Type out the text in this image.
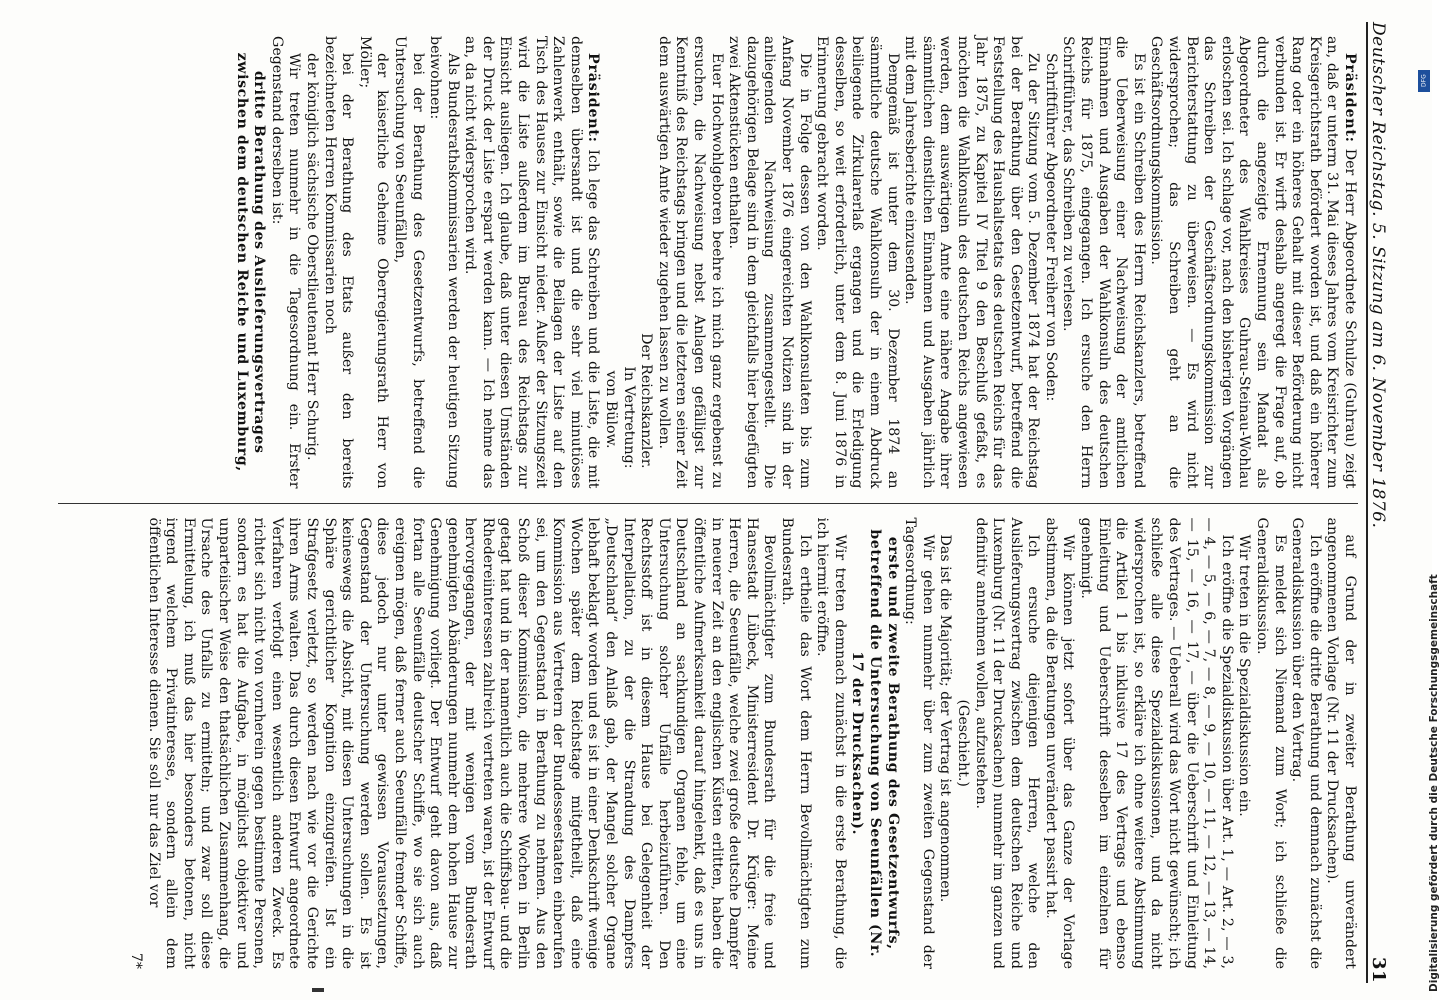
Deutscher Reichstag. 5. Sitzung am 6. November 1876.
31

Präsident: Der Herr Abgeordnete Schulze (Guhrau) zeigt an, daß er unterm 31. Mai dieses Jahres vom Kreisrichter zum Kreisgerichtsrath befördert worden ist, und daß ein höherer Rang oder ein höheres Gehalt mit dieser Beförderung nicht verbunden ist. Er wirft deshalb angeregt die Frage auf, ob durch die angezeigte Ernennung sein Mandat als Abgeordneter des Wahlkreises Guhrau-Steinau-Wohlau erloschen sei. Ich schlage vor, nach den bisherigen Vorgängen das Schreiben der Geschäftsordnungskommission zur Berichterstattung zu überweisen. — Es wird nicht widersprochen; das Schreiben geht an die Geschäftsordnungskommission.

Es ist ein Schreiben des Herrn Reichskanzlers, betreffend die Ueberweisung einer Nachweisung der amtlichen Einnahmen und Ausgaben der Wahlkonsuln des deutschen Reichs für 1875, eingegangen. Ich ersuche den Herrn Schriftführer, das Schreiben zu verlesen.

Schriftführer Abgeordneter Freiherr von Soden:

Zu der Sitzung vom 5. Dezember 1874 hat der Reichstag bei der Berathung über den Gesetzentwurf, betreffend die Feststellung des Haushaltsetats des deutschen Reichs für das Jahr 1875, zu Kapitel IV Titel 9 den Beschluß gefaßt, es möchten die Wahlkonsuln des deutschen Reichs angewiesen werden, dem auswärtigen Amte eine nähere Angabe ihrer sämmtlichen dienstlichen Einnahmen und Ausgaben jährlich mit dem Jahresberichte einzusenden.

Demgemäß ist unter dem 30. Dezember 1874 an sämmtliche deutsche Wahlkonsuln der in einem Abdruck beiliegende Zirkularerlaß ergangen und die Erledigung desselben, so weit erforderlich, unter dem 8. Juni 1876 in Erinnerung gebracht worden.

Die in Folge dessen von den Wahlkonsulaten bis zum Anfang November 1876 eingereichten Notizen sind in der anliegenden Nachweisung zusammengestellt. Die dazugehörigen Belage sind in dem gleichfalls hier beigefügten zwei Aktenstücken enthalten.

Euer Hochwohlgeboren beehre ich mich ganz ergebenst zu ersuchen, die Nachweisung nebst Anlagen gefälligst zur Kenntniß des Reichstags bringen und die letzteren seiner Zeit dem auswärtigen Amte wieder zugehen lassen zu wollen.

Der Reichskanzler.

In Vertretung:

von Bülow.

Präsident: Ich lege das Schreiben und die Liste, die mit demselben übersandt ist und die sehr viel minutiöses Zahlenwerk enthält, sowie die Beilagen der Liste auf den Tisch des Hauses zur Einsicht nieder. Außer der Sitzungszeit wird die Liste außerdem im Bureau des Reichstags zur Einsicht ausliegen. Ich glaube, daß unter diesen Umständen der Druck der Liste erspart werden kann. — Ich nehme das an, da nicht widersprochen wird.

Als Bundesrathskommissarien werden der heutigen Sitzung beiwohnen:

bei der Berathung des Gesetzentwurfs, betreffend die Untersuchung von Seeunfällen,

der kaiserliche Geheime Oberregierungsrath Herr von Möller;

bei der Berathung des Etats außer den bereits bezeichneten Herren Kommissarien noch

der königlich sächsische Oberstlieutenant Herr Schurig.

Wir treten nunmehr in die Tagesordnung ein. Erster Gegenstand derselben ist:

dritte Berathung des Auslieferungsvertrages zwischen dem deutschen Reiche und Luxemburg,

auf Grund der in zweiter Berathung unverändert angenommenen Vorlage (Nr. 11 der Drucksachen).

Ich eröffne die dritte Berathung und demnach zunächst die Generaldiskussion über den Vertrag.

Es meldet sich Niemand zum Wort; ich schließe die Generaldiskussion.

Wir treten in die Spezialdiskussion ein.

Ich eröffne die Spezialdiskussion über Art. 1, — Art. 2, — 3, — 4, — 5, — 6, — 7, — 8, — 9, — 10, — 11, — 12, — 13, — 14, — 15, — 16, — 17, — über die Ueberschrift und Einleitung des Vertrages. — Ueberall wird das Wort nicht gewünscht; ich schließe alle diese Spezialdiskussionen, und da nicht widersprochen ist, so erkläre ich ohne weitere Abstimmung die Artikel 1 bis inklusive 17 des Vertrags und ebenso Einleitung und Ueberschrift desselben im einzelnen für genehmigt.

Wir können jetzt sofort über das Ganze der Vorlage abstimmen, da die Beratungen unverändert passirt hat.

Ich ersuche diejenigen Herren, welche den Auslieferungsvertrag zwischen dem deutschen Reiche und Luxemburg (Nr. 11 der Drucksachen) nunmehr im ganzen und definitiv annehmen wollen, aufzustehen.

(Geschieht.)

Das ist die Majorität; der Vertrag ist angenommen.

Wir gehen nunmehr über zum zweiten Gegenstand der Tagesordnung:

erste und zweite Berathung des Gesetzentwurfs, betreffend die Untersuchung von Seeunfällen (Nr. 17 der Drucksachen).

Wir treten demnach zunächst in die erste Berathung, die ich hiermit eröffne.

Ich ertheile das Wort dem Herrn Bevollmächtigten zum Bundesrath.

Bevollmächtigter zum Bundesrath für die freie und Hansestadt Lübeck, Ministerresident Dr. Krüger: Meine Herren, die Seeunfälle, welche zwei große deutsche Dampfer in neuerer Zeit an den englischen Küsten erlitten, haben die öffentliche Aufmerksamkeit darauf hingelenkt, daß es uns in Deutschland an sachkundigen Organen fehle, um eine Untersuchung solcher Unfälle herbeizuführen. Den Rechtsstoff ist in diesem Hause bei Gelegenheit der Interpellation, zu der die Strandung des Dampfers „Deutschland“ den Anlaß gab, der Mangel solcher Organe lebhaft beklagt worden und es ist in einer Denkschrift wenige Wochen später dem Reichstage mitgetheilt, daß eine Kommission aus Vertretern der Bundesseestaaten einberufen sei, um den Gegenstand in Berathung zu nehmen. Aus den Schoß dieser Kommission, die mehrere Wochen in Berlin getagt hat und in der namentlich auch die Schiffsbau- und die Rhedereiinteressen zahlreich vertreten waren, ist der Entwurf hervorgegangen, der mit wenigen vom Bundesrath genehmigten Abänderungen nunmehr dem hohen Hause zur Genehmigung vorliegt. Der Entwurf geht davon aus, daß fortan alle Seeunfälle deutscher Schiffe, wo sie sich auch ereignen mögen, daß ferner auch Seeunfälle fremder Schiffe, diese jedoch nur unter gewissen Voraussetzungen, Gegenstand der Untersuchung werden sollen. Es ist keineswegs die Absicht, mit diesen Untersuchungen in die Sphäre gerichtlicher Kognition einzugreifen. Ist ein Strafgesetz verletzt, so werden nach wie vor die Gerichte ihren Arms walten. Das durch diesen Entwurf angeordnete Verfahren verfolgt einen wesentlich anderen Zweck. Es richtet sich nicht von vornherein gegen bestimmte Personen, sondern es hat die Aufgabe, in möglichst objektiver und unparteiischer Weise den thatsächlichen Zusammenhang, die Ursache des Unfalls zu ermitteln; und zwar soll diese Ermittelung, ich muß das hier besonders betonen, nicht irgend welchem Privatinteresse, sondern allein dem öffentlichen Interesse dienen. Sie soll nur das Ziel vor

7*

DFG
Digitalisierung gefördert durch die Deutsche Forschungsgemeinschaft
